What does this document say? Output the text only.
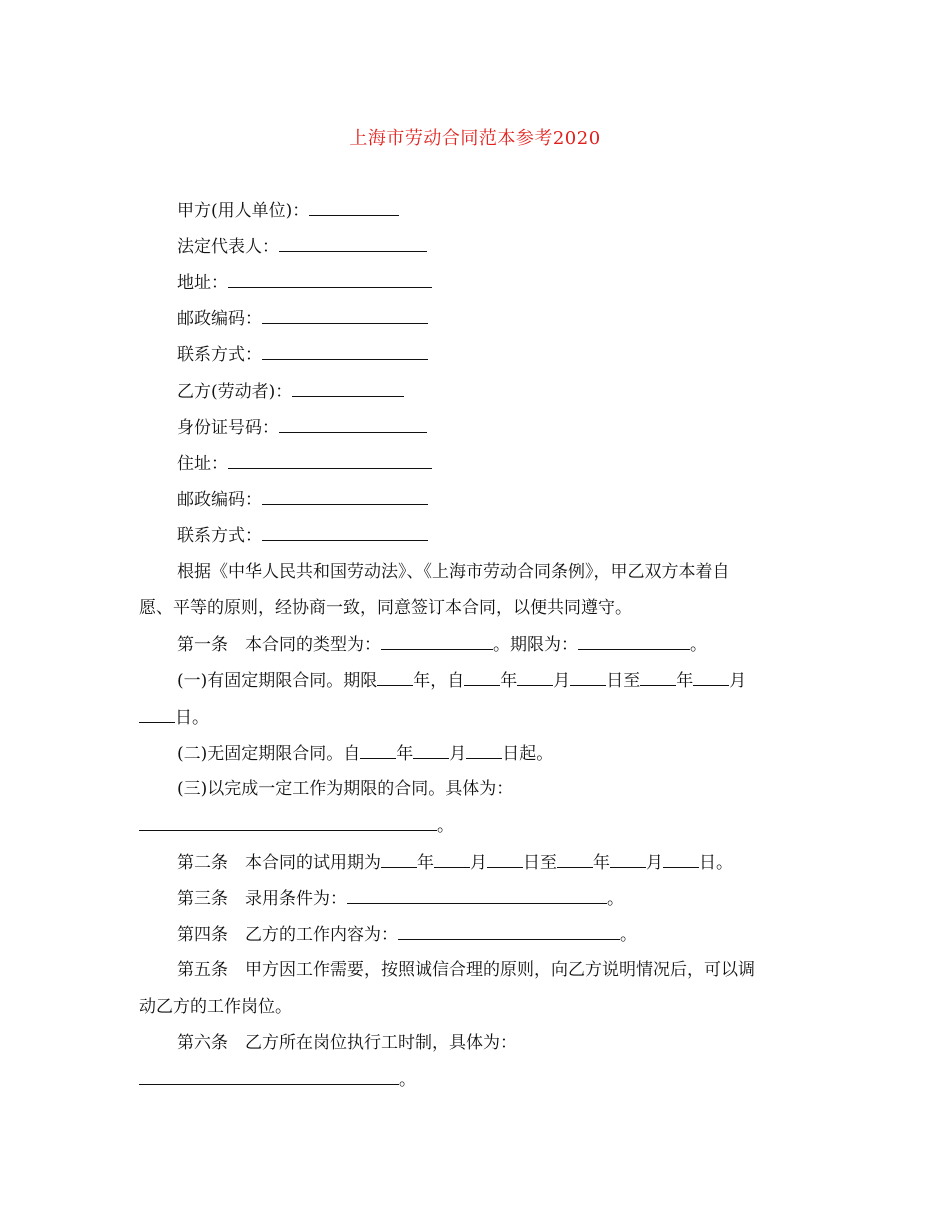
上海市劳动合同范本参考2020
甲方(用人单位)：
法定代表人：
地址：
邮政编码：
联系方式：
乙方(劳动者)：
身份证号码：
住址：
邮政编码：
联系方式：
根据《中华人民共和国劳动法》、《上海市劳动合同条例》，甲乙双方本着自
愿、平等的原则，经协商一致，同意签订本合同，以便共同遵守。
第一条　本合同的类型为：	。期限为：	。
(一)有固定期限合同。期限 年，自 年 月 日至 年 月
日。
(二)无固定期限合同。自 年 月 日起。
(三)以完成一定工作为期限的合同。具体为：
。
第二条　本合同的试用期为 年 月 日至 年 月 日。
第三条　录用条件为：	。
第四条　乙方的工作内容为：	。
第五条　甲方因工作需要，按照诚信合理的原则，向乙方说明情况后，可以调
动乙方的工作岗位。
第六条　乙方所在岗位执行工时制，具体为：
。
